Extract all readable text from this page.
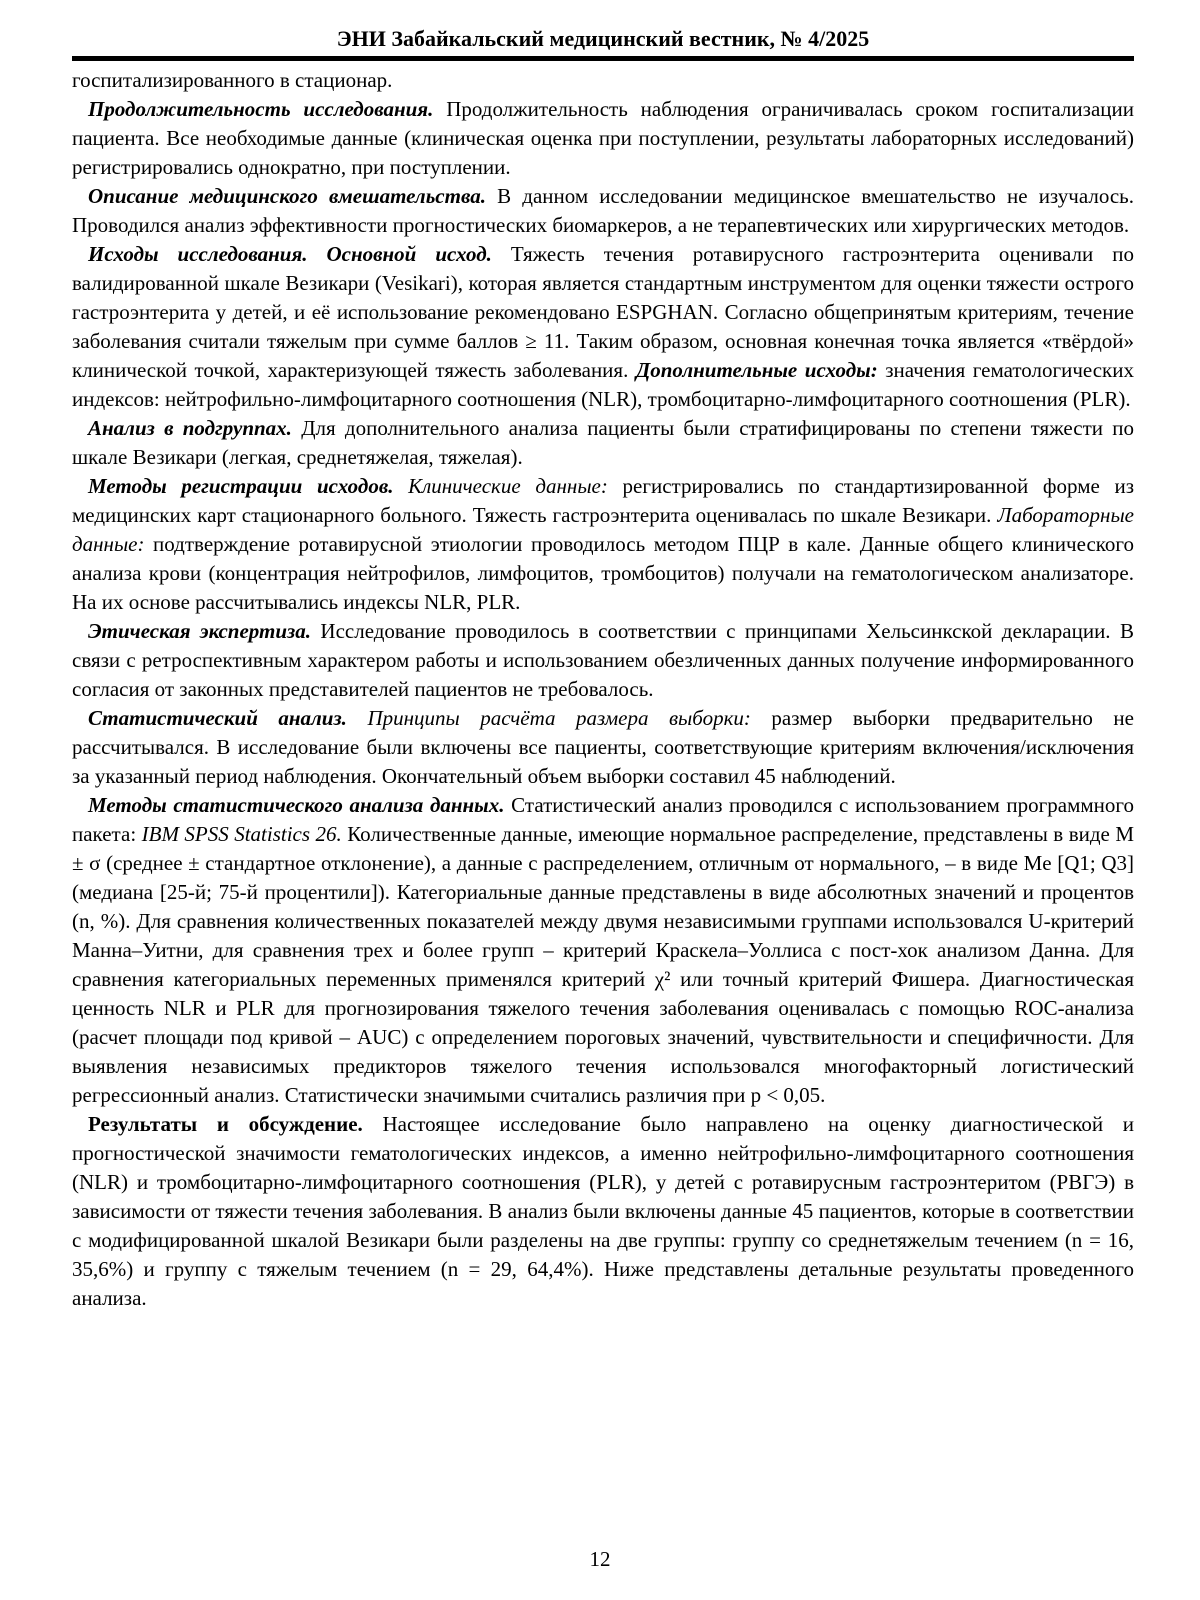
ЭНИ Забайкальский медицинский вестник, № 4/2025

госпитализированного в стационар.

Продолжительность исследования. Продолжительность наблюдения ограничивалась сроком госпитализации пациента. Все необходимые данные (клиническая оценка при поступлении, результаты лабораторных исследований) регистрировались однократно, при поступлении.

Описание медицинского вмешательства. В данном исследовании медицинское вмешательство не изучалось. Проводился анализ эффективности прогностических биомаркеров, а не терапевтических или хирургических методов.

Исходы исследования. Основной исход. Тяжесть течения ротавирусного гастроэнтерита оценивали по валидированной шкале Везикари (Vesikari), которая является стандартным инструментом для оценки тяжести острого гастроэнтерита у детей, и её использование рекомендовано ESPGHAN. Согласно общепринятым критериям, течение заболевания считали тяжелым при сумме баллов ≥ 11. Таким образом, основная конечная точка является «твёрдой» клинической точкой, характеризующей тяжесть заболевания. Дополнительные исходы: значения гематологических индексов: нейтрофильно-лимфоцитарного соотношения (NLR), тромбоцитарно-лимфоцитарного соотношения (PLR).

Анализ в подгруппах. Для дополнительного анализа пациенты были стратифицированы по степени тяжести по шкале Везикари (легкая, среднетяжелая, тяжелая).

Методы регистрации исходов. Клинические данные: регистрировались по стандартизированной форме из медицинских карт стационарного больного. Тяжесть гастроэнтерита оценивалась по шкале Везикари. Лабораторные данные: подтверждение ротавирусной этиологии проводилось методом ПЦР в кале. Данные общего клинического анализа крови (концентрация нейтрофилов, лимфоцитов, тромбоцитов) получали на гематологическом анализаторе. На их основе рассчитывались индексы NLR, PLR.

Этическая экспертиза. Исследование проводилось в соответствии с принципами Хельсинкской декларации. В связи с ретроспективным характером работы и использованием обезличенных данных получение информированного согласия от законных представителей пациентов не требовалось.

Статистический анализ. Принципы расчёта размера выборки: размер выборки предварительно не рассчитывался. В исследование были включены все пациенты, соответствующие критериям включения/исключения за указанный период наблюдения. Окончательный объем выборки составил 45 наблюдений.

Методы статистического анализа данных. Статистический анализ проводился с использованием программного пакета: IBM SPSS Statistics 26. Количественные данные, имеющие нормальное распределение, представлены в виде M ± σ (среднее ± стандартное отклонение), а данные с распределением, отличным от нормального, – в виде Me [Q1; Q3] (медиана [25-й; 75-й процентили]). Категориальные данные представлены в виде абсолютных значений и процентов (n, %). Для сравнения количественных показателей между двумя независимыми группами использовался U-критерий Манна–Уитни, для сравнения трех и более групп – критерий Краскела–Уоллиса с пост-хок анализом Данна. Для сравнения категориальных переменных применялся критерий χ² или точный критерий Фишера. Диагностическая ценность NLR и PLR для прогнозирования тяжелого течения заболевания оценивалась с помощью ROC-анализа (расчет площади под кривой – AUC) с определением пороговых значений, чувствительности и специфичности. Для выявления независимых предикторов тяжелого течения использовался многофакторный логистический регрессионный анализ. Статистически значимыми считались различия при p < 0,05.

Результаты и обсуждение. Настоящее исследование было направлено на оценку диагностической и прогностической значимости гематологических индексов, а именно нейтрофильно-лимфоцитарного соотношения (NLR) и тромбоцитарно-лимфоцитарного соотношения (PLR), у детей с ротавирусным гастроэнтеритом (РВГЭ) в зависимости от тяжести течения заболевания. В анализ были включены данные 45 пациентов, которые в соответствии с модифицированной шкалой Везикари были разделены на две группы: группу со среднетяжелым течением (n = 16, 35,6%) и группу с тяжелым течением (n = 29, 64,4%). Ниже представлены детальные результаты проведенного анализа.

12
